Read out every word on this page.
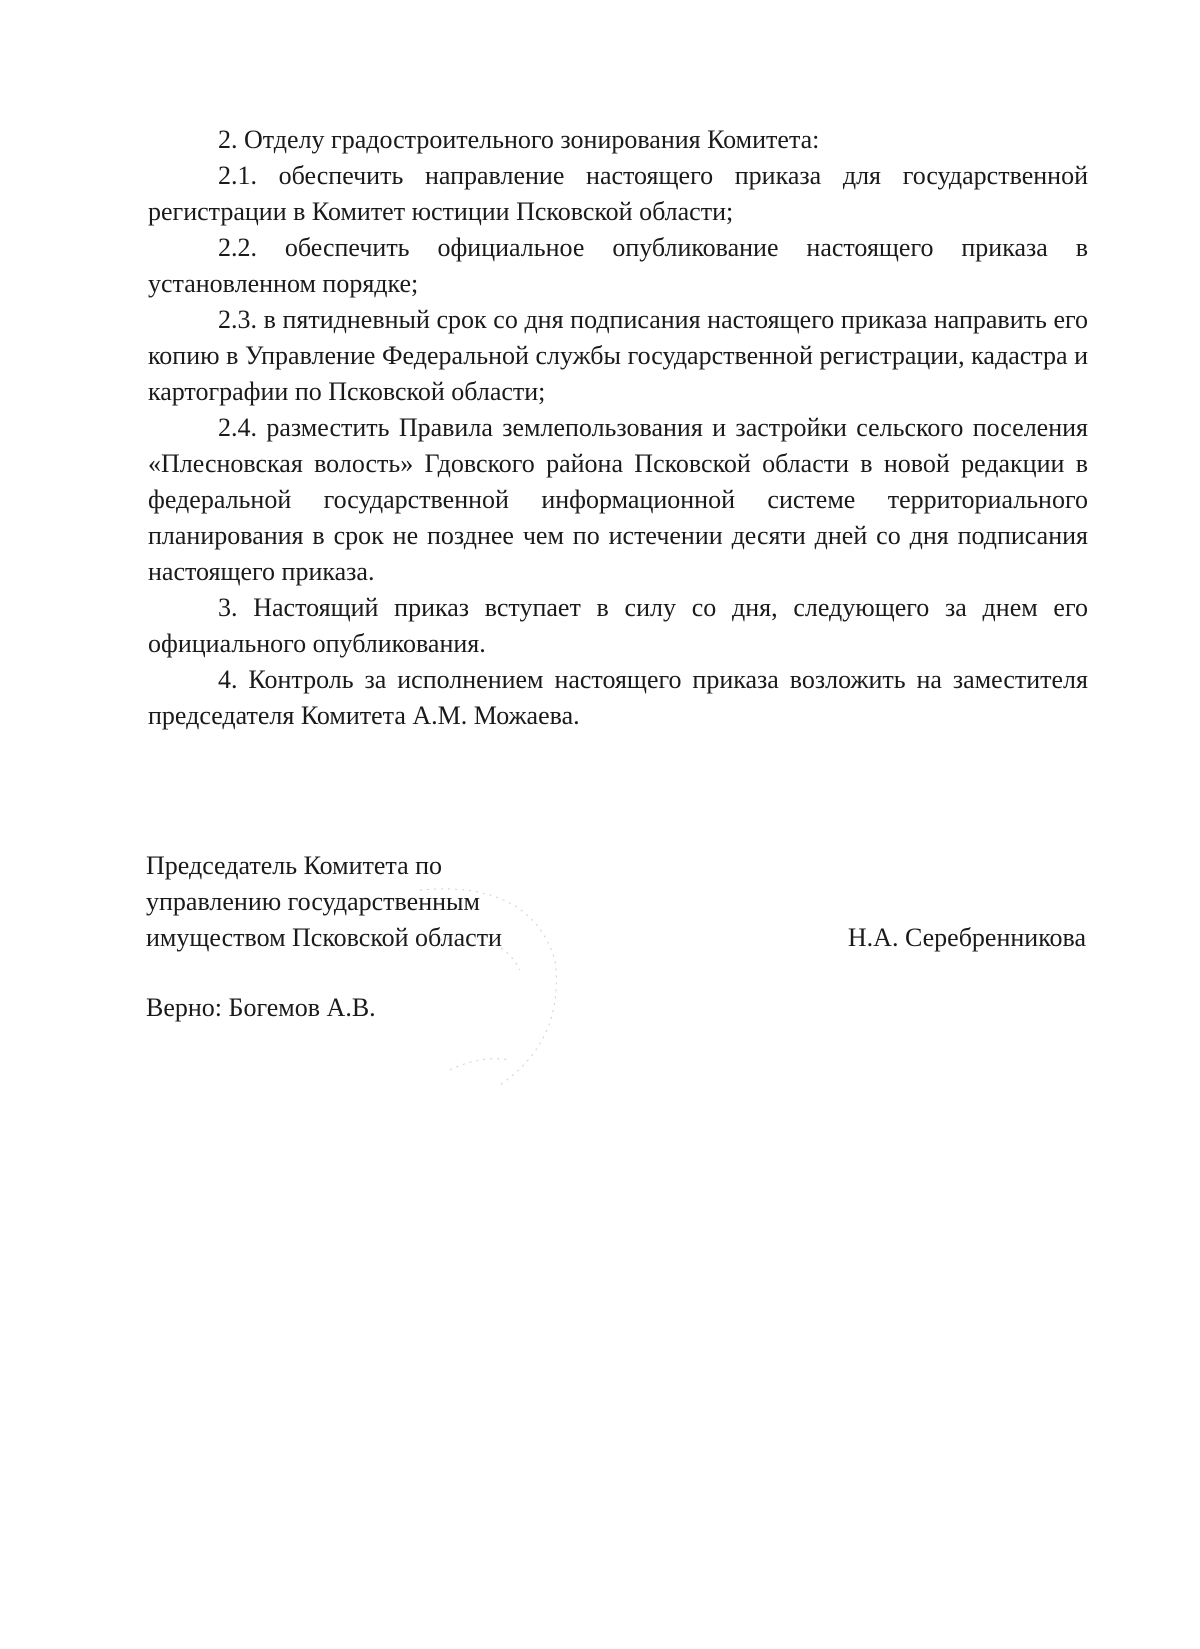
2. Отделу градостроительного зонирования Комитета:

2.1. обеспечить направление настоящего приказа для государственной регистрации в Комитет юстиции Псковской области;

2.2. обеспечить официальное опубликование настоящего приказа в установленном порядке;

2.3. в пятидневный срок со дня подписания настоящего приказа направить его копию в Управление Федеральной службы государственной регистрации, кадастра и картографии по Псковской области;

2.4. разместить Правила землепользования и застройки сельского поселения «Плесновская волость» Гдовского района Псковской области в новой редакции в федеральной государственной информационной системе территориального планирования в срок не позднее чем по истечении десяти дней со дня подписания настоящего приказа.

3. Настоящий приказ вступает в силу со дня, следующего за днем его официального опубликования.

4. Контроль за исполнением настоящего приказа возложить на заместителя председателя Комитета А.М. Можаева.

Председатель Комитета по
управлению государственным
имуществом Псковской области	Н.А. Серебренникова
Верно: Богемов А.В.
